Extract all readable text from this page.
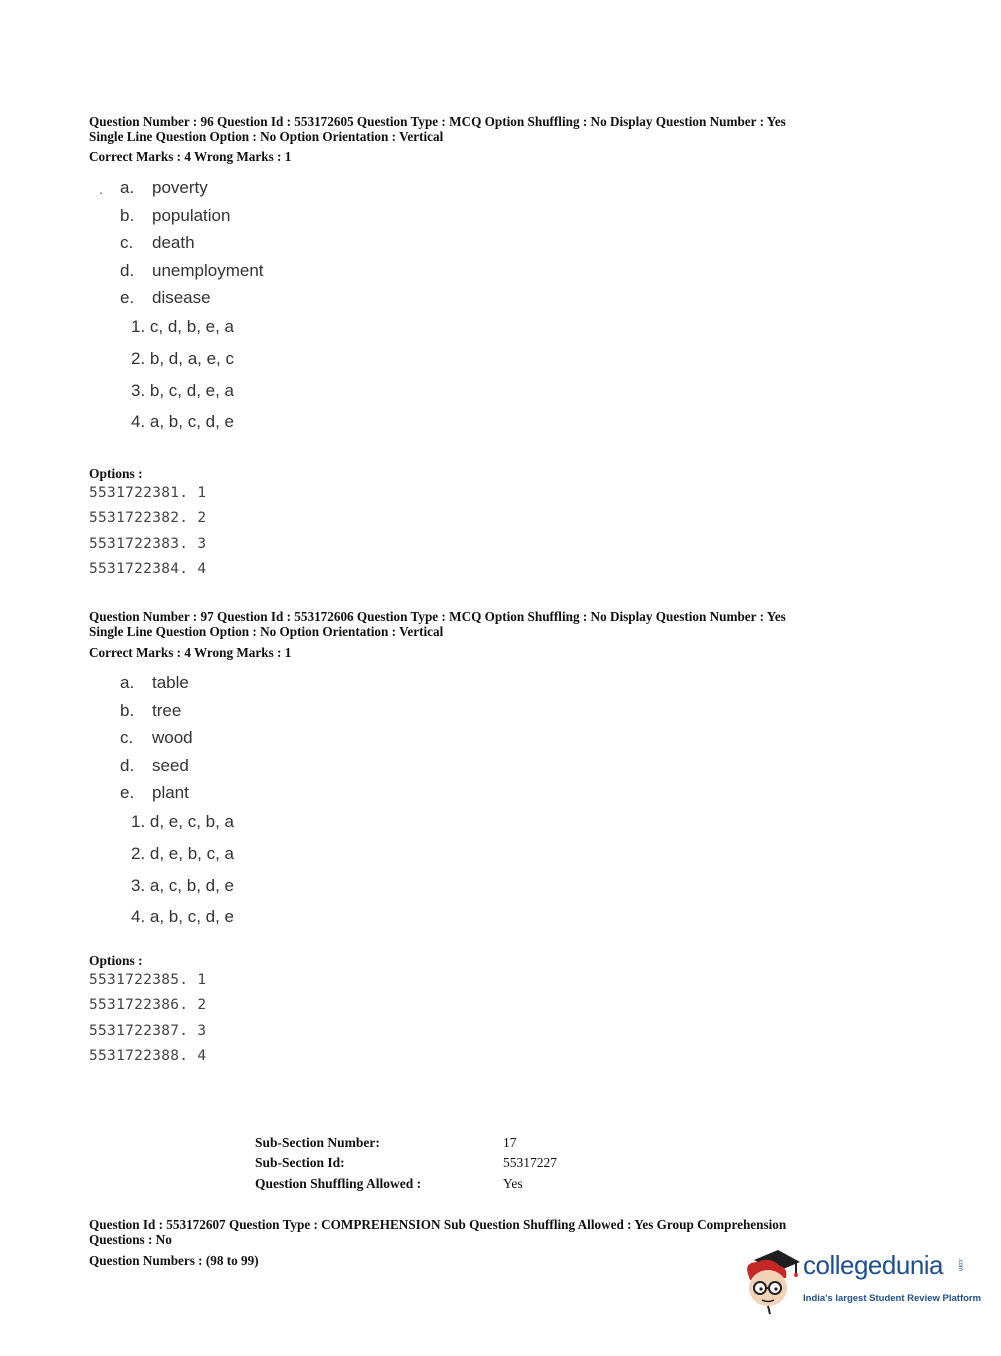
Question Number : 96 Question Id : 553172605 Question Type : MCQ Option Shuffling : No Display Question Number : Yes
Single Line Question Option : No Option Orientation : Vertical
Correct Marks : 4 Wrong Marks : 1
. a. poverty
b. population
c. death
d. unemployment
e. disease
1. c, d, b, e, a
2. b, d, a, e, c
3. b, c, d, e, a
4. a, b, c, d, e
Options :
5531722381. 1
5531722382. 2
5531722383. 3
5531722384. 4
Question Number : 97 Question Id : 553172606 Question Type : MCQ Option Shuffling : No Display Question Number : Yes
Single Line Question Option : No Option Orientation : Vertical
Correct Marks : 4 Wrong Marks : 1
a. table
b. tree
c. wood
d. seed
e. plant
1. d, e, c, b, a
2. d, e, b, c, a
3. a, c, b, d, e
4. a, b, c, d, e
Options :
5531722385. 1
5531722386. 2
5531722387. 3
5531722388. 4
Sub-Section Number:	17
Sub-Section Id:	55317227
Question Shuffling Allowed :	Yes
Question Id : 553172607 Question Type : COMPREHENSION Sub Question Shuffling Allowed : Yes Group Comprehension
Questions : No
Question Numbers : (98 to 99)	collegedunia .com
India's largest Student Review Platform
